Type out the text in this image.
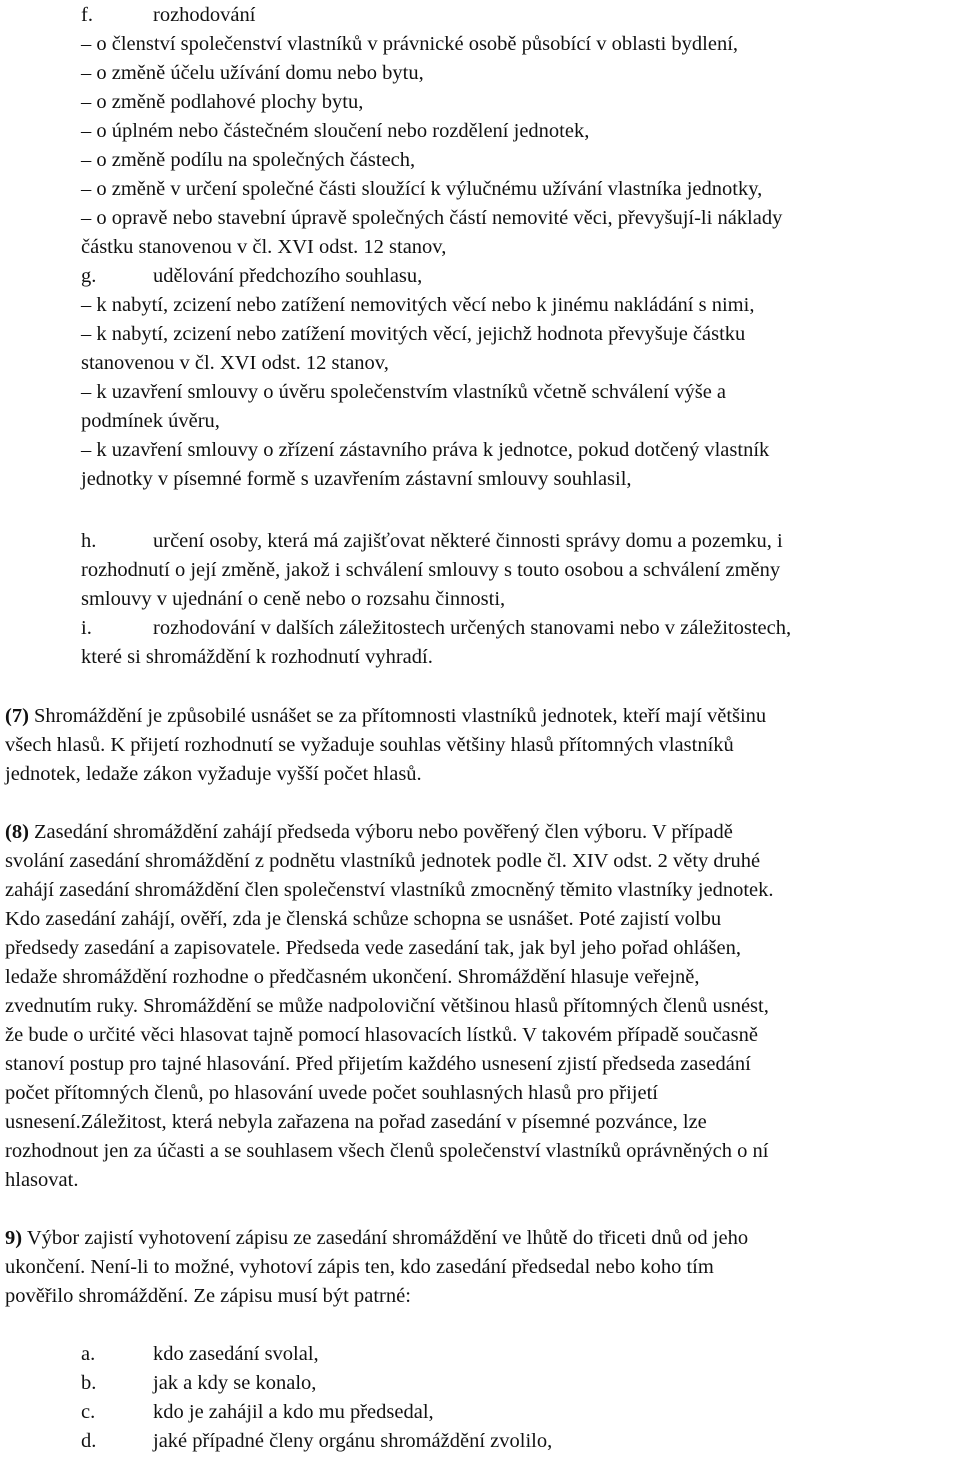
f.	rozhodování
– o členství společenství vlastníků v právnické osobě působící v oblasti bydlení,
– o změně účelu užívání domu nebo bytu,
– o změně podlahové plochy bytu,
– o úplném nebo částečném sloučení nebo rozdělení jednotek,
– o změně podílu na společných částech,
– o změně v určení společné části sloužící k výlučnému užívání vlastníka jednotky,
– o opravě nebo stavební úpravě společných částí nemovité věci, převyšují-li náklady
částku stanovenou v čl. XVI odst. 12 stanov,
g.	udělování předchozího souhlasu,
– k nabytí, zcizení nebo zatížení nemovitých věcí nebo k jinému nakládání s nimi,
– k nabytí, zcizení nebo zatížení movitých věcí, jejichž hodnota převyšuje částku
stanovenou v čl. XVI odst. 12 stanov,
– k uzavření smlouvy o úvěru společenstvím vlastníků včetně schválení výše a
podmínek úvěru,
– k uzavření smlouvy o zřízení zástavního práva k jednotce, pokud dotčený vlastník
jednotky v písemné formě s uzavřením zástavní smlouvy souhlasil,
h.	určení osoby, která má zajišťovat některé činnosti správy domu a pozemku, i
rozhodnutí o její změně, jakož i schválení smlouvy s touto osobou a schválení změny
smlouvy v ujednání o ceně nebo o rozsahu činnosti,
i.	rozhodování v dalších záležitostech určených stanovami nebo v záležitostech,
které si shromáždění k rozhodnutí vyhradí.
(7) Shromáždění je způsobilé usnášet se za přítomnosti vlastníků jednotek, kteří mají většinu
všech hlasů. K přijetí rozhodnutí se vyžaduje souhlas většiny hlasů přítomných vlastníků
jednotek, ledaže zákon vyžaduje vyšší počet hlasů.
(8) Zasedání shromáždění zahájí předseda výboru nebo pověřený člen výboru. V případě
svolání zasedání shromáždění z podnětu vlastníků jednotek podle čl. XIV odst. 2 věty druhé
zahájí zasedání shromáždění člen společenství vlastníků zmocněný těmito vlastníky jednotek.
Kdo zasedání zahájí, ověří, zda je členská schůze schopna se usnášet. Poté zajistí volbu
předsedy zasedání a zapisovatele. Předseda vede zasedání tak, jak byl jeho pořad ohlášen,
ledaže shromáždění rozhodne o předčasném ukončení. Shromáždění hlasuje veřejně,
zvednutím ruky. Shromáždění se může nadpoloviční většinou hlasů přítomných členů usnést,
že bude o určité věci hlasovat tajně pomocí hlasovacích lístků. V takovém případě současně
stanoví postup pro tajné hlasování. Před přijetím každého usnesení zjistí předseda zasedání
počet přítomných členů, po hlasování uvede počet souhlasných hlasů pro přijetí
usnesení.Záležitost, která nebyla zařazena na pořad zasedání v písemné pozvánce, lze
rozhodnout jen za účasti a se souhlasem všech členů společenství vlastníků oprávněných o ní
hlasovat.
9) Výbor zajistí vyhotovení zápisu ze zasedání shromáždění ve lhůtě do třiceti dnů od jeho
ukončení. Není-li to možné, vyhotoví zápis ten, kdo zasedání předsedal nebo koho tím
pověřilo shromáždění. Ze zápisu musí být patrné:
a.	kdo zasedání svolal,
b.	jak a kdy se konalo,
c.	kdo je zahájil a kdo mu předsedal,
d.	jaké případné členy orgánu shromáždění zvolilo,
